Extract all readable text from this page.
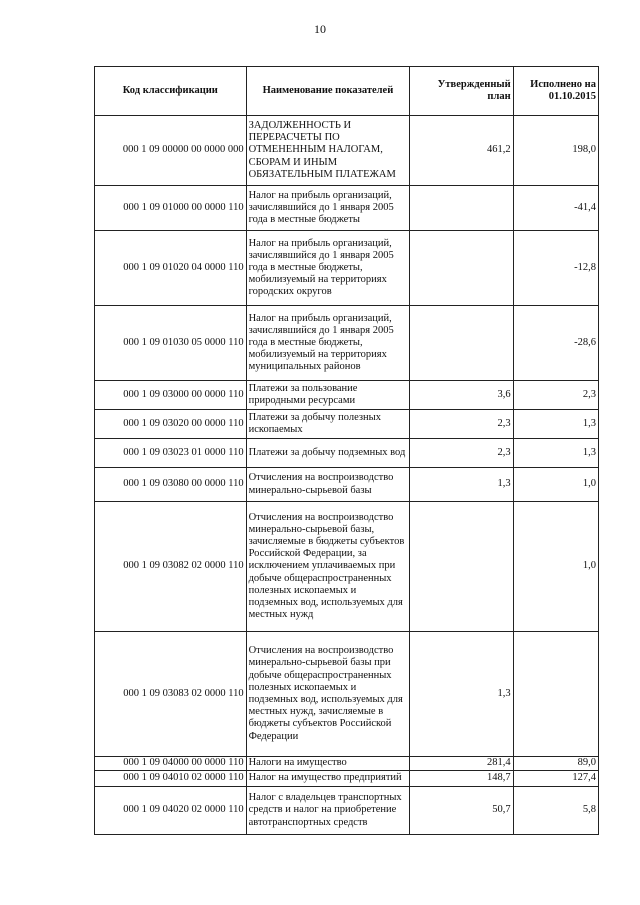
10
Код классификации	Наименование показателей	Утвержденный план	Исполнено на 01.10.2015
000 1 09 00000 00 0000 000	ЗАДОЛЖЕННОСТЬ И ПЕРЕРАСЧЕТЫ ПО ОТМЕНЕННЫМ НАЛОГАМ, СБОРАМ И ИНЫМ ОБЯЗАТЕЛЬНЫМ ПЛАТЕЖАМ	461,2	198,0
000 1 09 01000 00 0000 110	Налог на прибыль организаций, зачислявшийся до 1 января 2005 года в местные бюджеты		-41,4
000 1 09 01020 04 0000 110	Налог на прибыль организаций, зачислявшийся до 1 января 2005 года в местные бюджеты, мобилизуемый на территориях городских округов		-12,8
000 1 09 01030 05 0000 110	Налог на прибыль организаций, зачислявшийся до 1 января 2005 года в местные бюджеты, мобилизуемый на территориях муниципальных районов		-28,6
000 1 09 03000 00 0000 110	Платежи за пользование природными ресурсами	3,6	2,3
000 1 09 03020 00 0000 110	Платежи за добычу полезных ископаемых	2,3	1,3
000 1 09 03023 01 0000 110	Платежи за добычу подземных вод	2,3	1,3
000 1 09 03080 00 0000 110	Отчисления на воспроизводство минерально-сырьевой базы	1,3	1,0
000 1 09 03082 02 0000 110	Отчисления на воспроизводство минерально-сырьевой базы, зачисляемые в бюджеты субъектов Российской Федерации, за исключением уплачиваемых при добыче общераспространенных полезных ископаемых и подземных вод, используемых для местных нужд		1,0
000 1 09 03083 02 0000 110	Отчисления на воспроизводство минерально-сырьевой базы при добыче общераспространенных полезных ископаемых и подземных вод, используемых для местных нужд, зачисляемые в бюджеты субъектов Российской Федерации	1,3	
000 1 09 04000 00 0000 110	Налоги на имущество	281,4	89,0
000 1 09 04010 02 0000 110	Налог на имущество предприятий	148,7	127,4
000 1 09 04020 02 0000 110	Налог с владельцев транспортных средств и налог на приобретение автотранспортных средств	50,7	5,8
